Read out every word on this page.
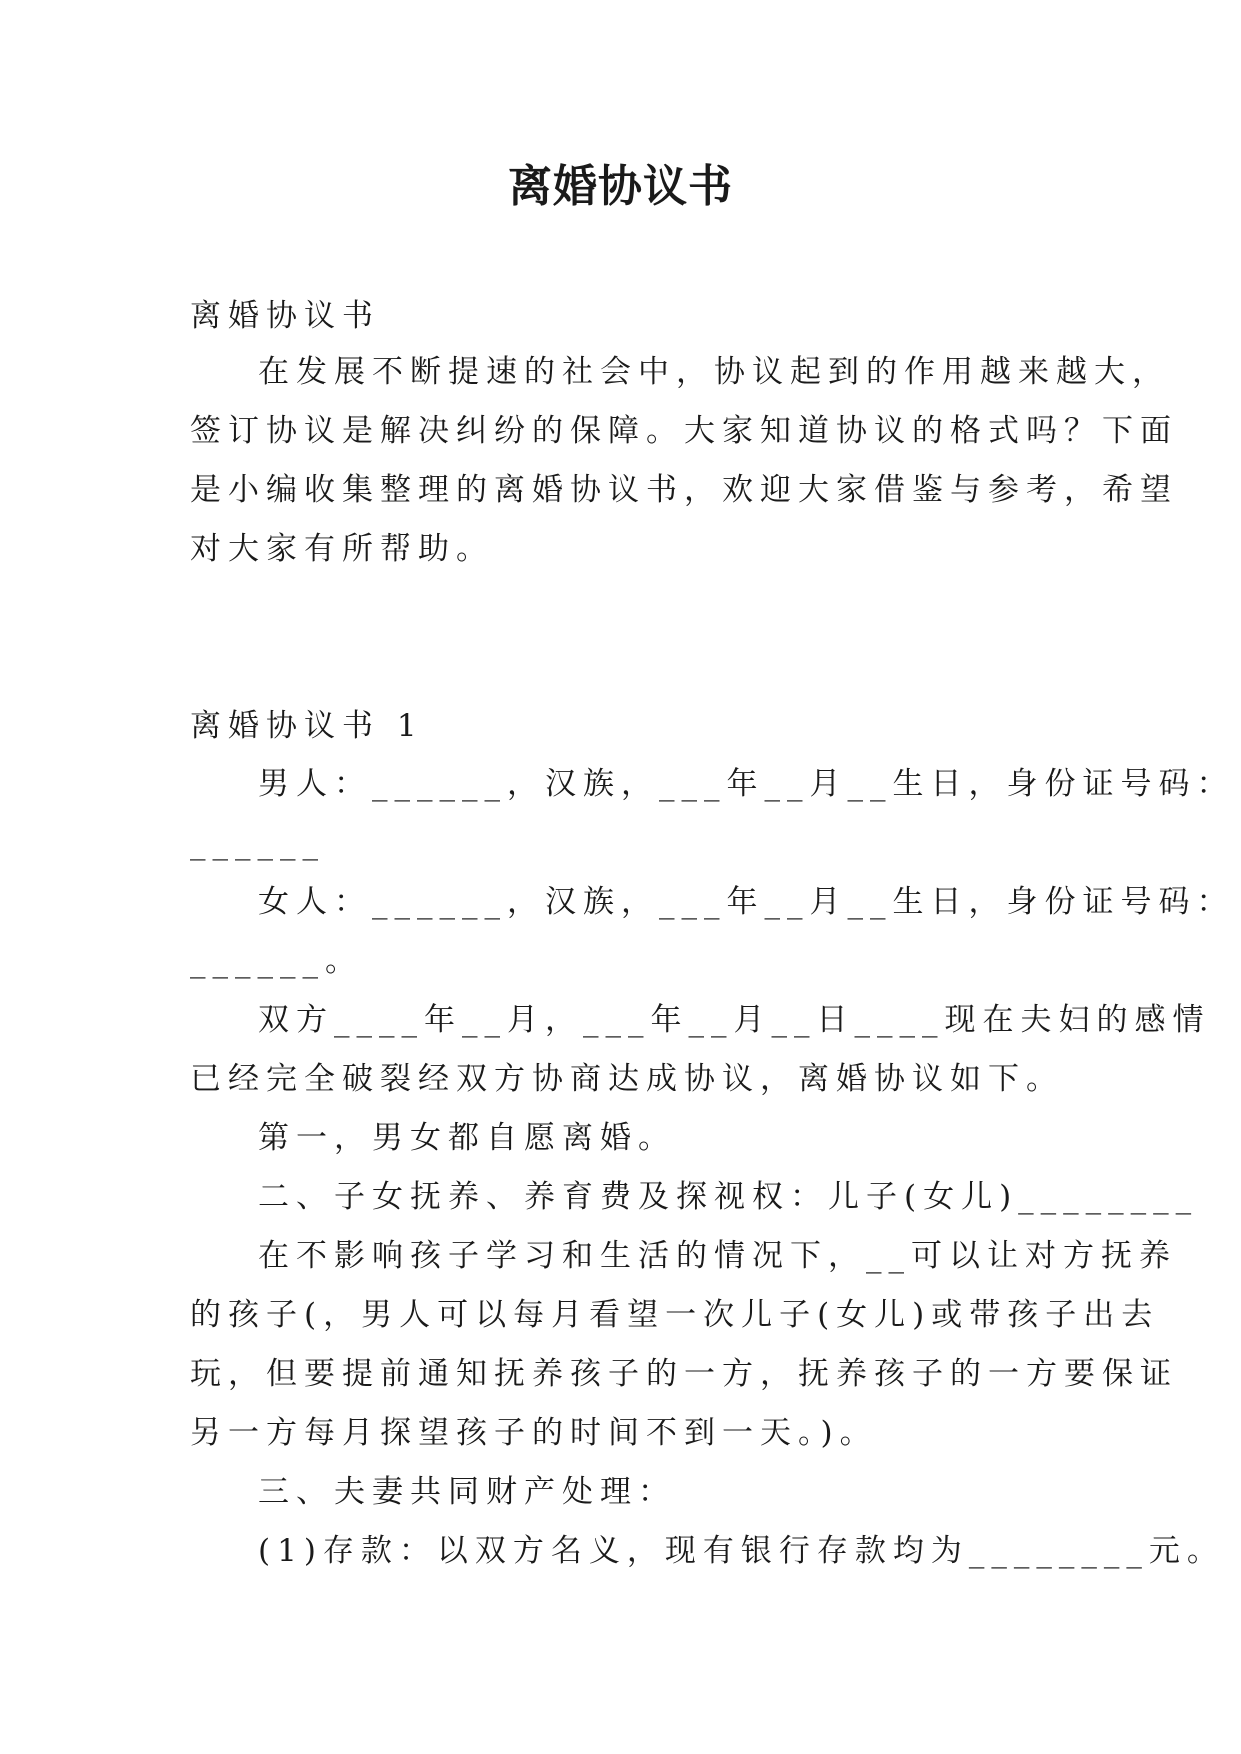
离婚协议书
离婚协议书
在发展不断提速的社会中，协议起到的作用越来越大，
签订协议是解决纠纷的保障。大家知道协议的格式吗？下面
是小编收集整理的离婚协议书，欢迎大家借鉴与参考，希望
对大家有所帮助。
离婚协议书 1
男人：______，汉族，___年__月__生日，身份证号码：
______
女人：______，汉族，___年__月__生日，身份证号码：
______。
双方____年__月，___年__月__日____现在夫妇的感情
已经完全破裂经双方协商达成协议，离婚协议如下。
第一，男女都自愿离婚。
二、子女抚养、养育费及探视权：儿子(女儿)________
在不影响孩子学习和生活的情况下，__可以让对方抚养
的孩子(，男人可以每月看望一次儿子(女儿)或带孩子出去
玩，但要提前通知抚养孩子的一方，抚养孩子的一方要保证
另一方每月探望孩子的时间不到一天。)。
三、夫妻共同财产处理：
(1)存款：以双方名义，现有银行存款均为________元。
